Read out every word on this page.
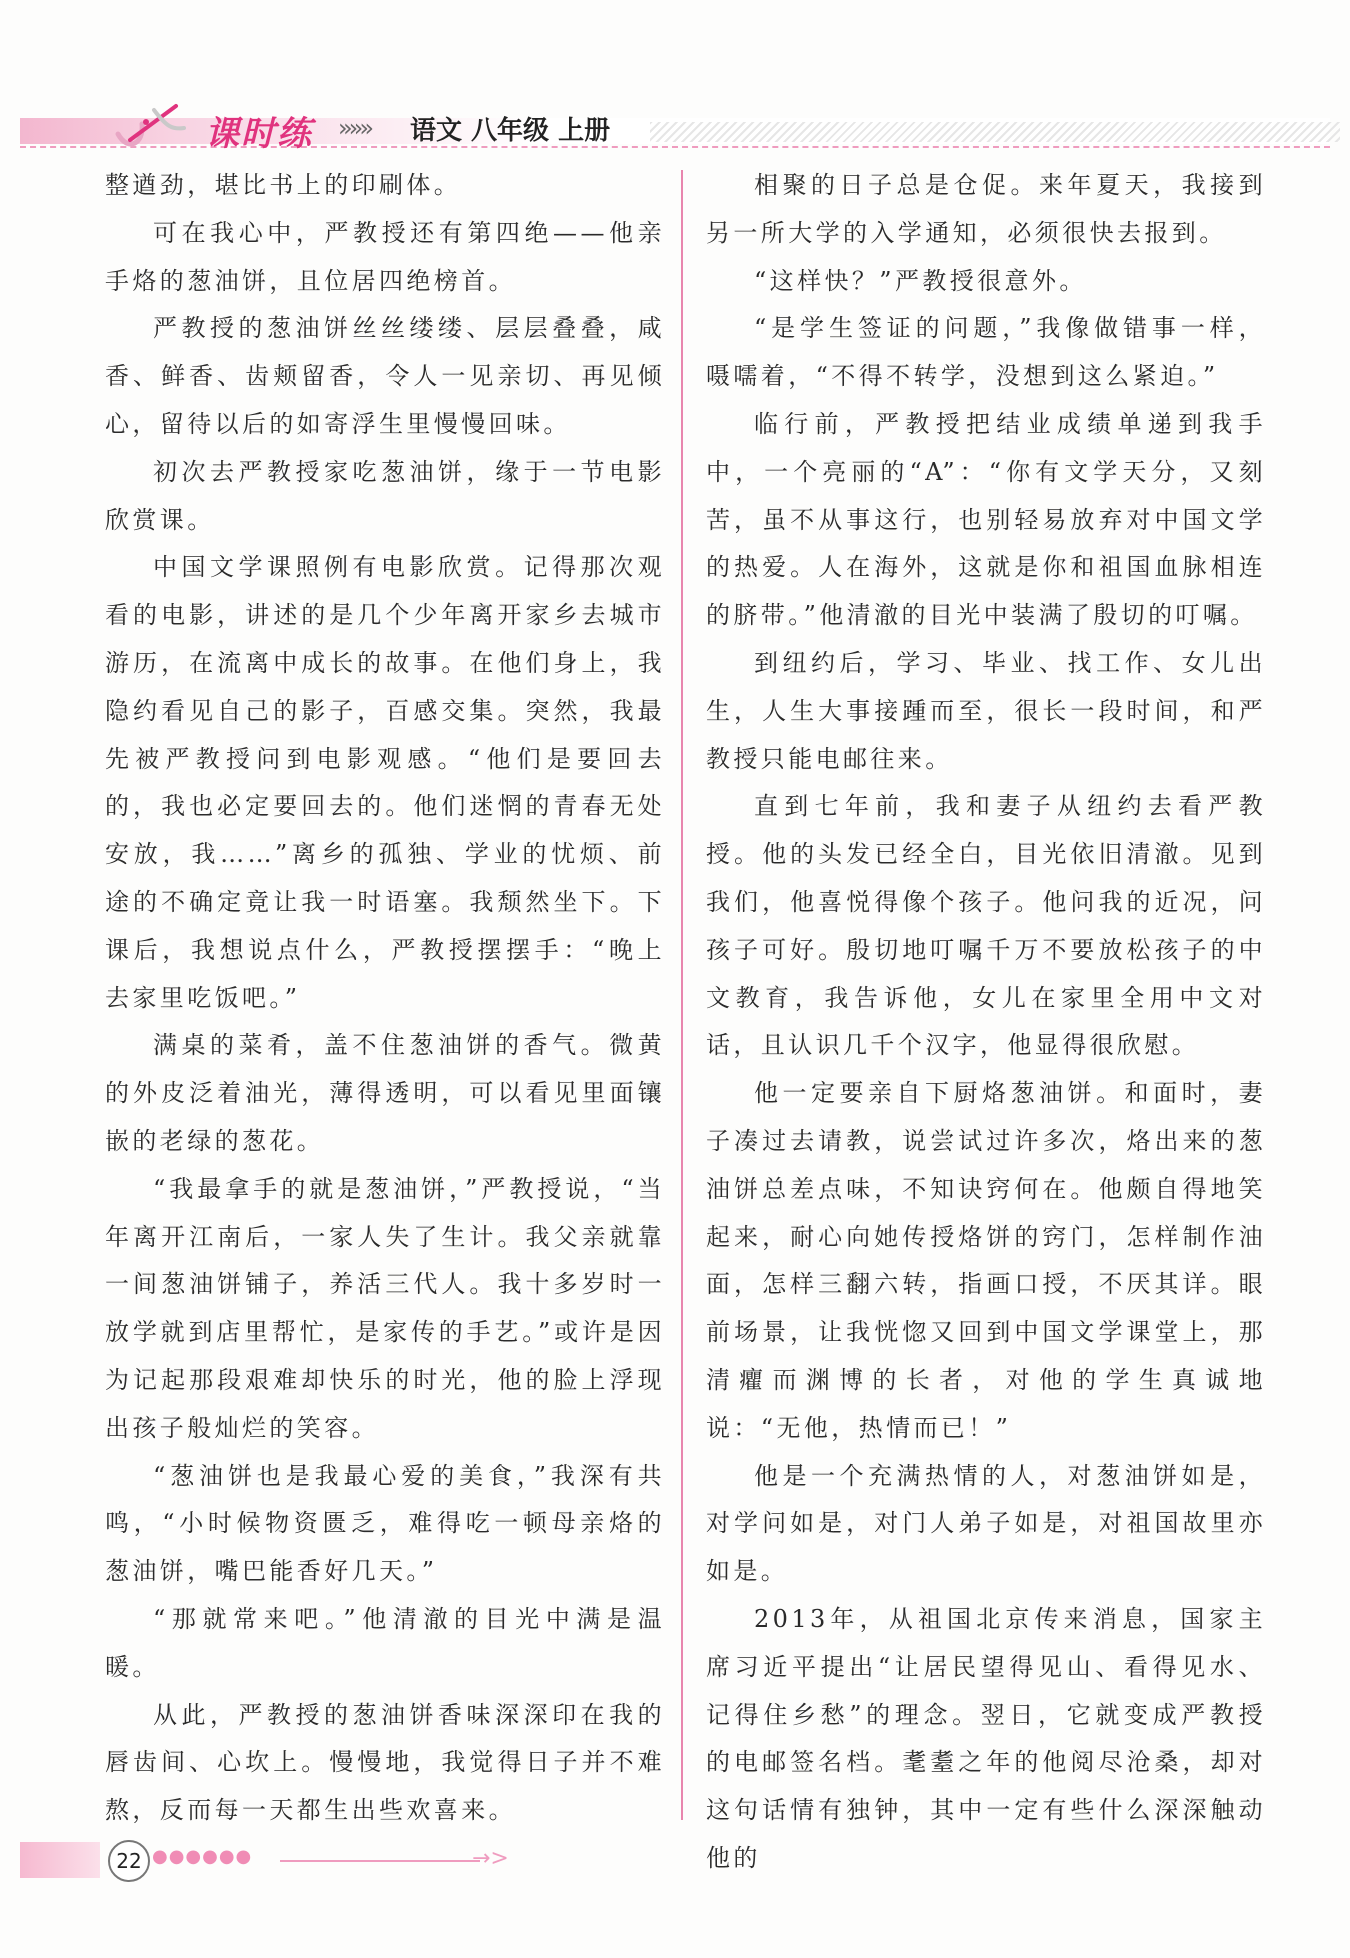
课时练 »»» 语文 八年级 上册

整遒劲，堪比书上的印刷体。

可在我心中，严教授还有第四绝——他亲手烙的葱油饼，且位居四绝榜首。

严教授的葱油饼丝丝缕缕、层层叠叠，咸香、鲜香、齿颊留香，令人一见亲切、再见倾心，留待以后的如寄浮生里慢慢回味。

初次去严教授家吃葱油饼，缘于一节电影欣赏课。

中国文学课照例有电影欣赏。记得那次观看的电影，讲述的是几个少年离开家乡去城市游历，在流离中成长的故事。在他们身上，我隐约看见自己的影子，百感交集。突然，我最先被严教授问到电影观感。“他们是要回去的，我也必定要回去的。他们迷惘的青春无处安放，我……”离乡的孤独、学业的忧烦、前途的不确定竟让我一时语塞。我颓然坐下。下课后，我想说点什么，严教授摆摆手：“晚上去家里吃饭吧。”

满桌的菜肴，盖不住葱油饼的香气。微黄的外皮泛着油光，薄得透明，可以看见里面镶嵌的老绿的葱花。

“我最拿手的就是葱油饼，”严教授说，“当年离开江南后，一家人失了生计。我父亲就靠一间葱油饼铺子，养活三代人。我十多岁时一放学就到店里帮忙，是家传的手艺。”或许是因为记起那段艰难却快乐的时光，他的脸上浮现出孩子般灿烂的笑容。

“葱油饼也是我最心爱的美食，”我深有共鸣，“小时候物资匮乏，难得吃一顿母亲烙的葱油饼，嘴巴能香好几天。”

“那就常来吧。”他清澈的目光中满是温暖。

从此，严教授的葱油饼香味深深印在我的唇齿间、心坎上。慢慢地，我觉得日子并不难熬，反而每一天都生出些欢喜来。

相聚的日子总是仓促。来年夏天，我接到另一所大学的入学通知，必须很快去报到。

“这样快？”严教授很意外。

“是学生签证的问题，”我像做错事一样，嗫嚅着，“不得不转学，没想到这么紧迫。”

临行前，严教授把结业成绩单递到我手中，一个亮丽的“A”：“你有文学天分，又刻苦，虽不从事这行，也别轻易放弃对中国文学的热爱。人在海外，这就是你和祖国血脉相连的脐带。”他清澈的目光中装满了殷切的叮嘱。

到纽约后，学习、毕业、找工作、女儿出生，人生大事接踵而至，很长一段时间，和严教授只能电邮往来。

直到七年前，我和妻子从纽约去看严教授。他的头发已经全白，目光依旧清澈。见到我们，他喜悦得像个孩子。他问我的近况，问孩子可好。殷切地叮嘱千万不要放松孩子的中文教育，我告诉他，女儿在家里全用中文对话，且认识几千个汉字，他显得很欣慰。

他一定要亲自下厨烙葱油饼。和面时，妻子凑过去请教，说尝试过许多次，烙出来的葱油饼总差点味，不知诀窍何在。他颇自得地笑起来，耐心向她传授烙饼的窍门，怎样制作油面，怎样三翻六转，指画口授，不厌其详。眼前场景，让我恍惚又回到中国文学课堂上，那清癯而渊博的长者，对他的学生真诚地说：“无他，热情而已！”

他是一个充满热情的人，对葱油饼如是，对学问如是，对门人弟子如是，对祖国故里亦如是。

2013年，从祖国北京传来消息，国家主席习近平提出“让居民望得见山、看得见水、记得住乡愁”的理念。翌日，它就变成严教授的电邮签名档。耄耋之年的他阅尽沧桑，却对这句话情有独钟，其中一定有些什么深深触动他的

22 ●●●●●●	→>
